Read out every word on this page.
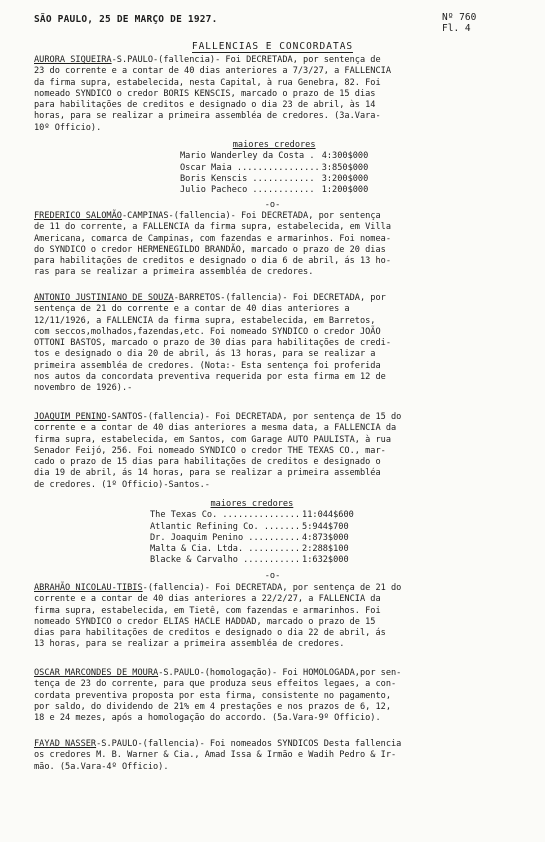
SÃO PAULO, 25 DE MARÇO DE 1927.	Nº 760
Fl. 4
FALLENCIAS E CONCORDATAS

AURORA SIQUEIRA-S.PAULO-(fallencia)- Foi DECRETADA, por sentença de
23 do corrente e a contar de 40 dias anteriores a 7/3/27, a FALLENCIA
da firma supra, estabelecida, nesta Capital, à rua Genebra, 82. Foi
nomeado SYNDICO o credor BORIS KENSCIS, marcado o prazo de 15 dias
para habilitações de creditos e designado o dia 23 de abril, às 14
horas, para se realizar a primeira assembléa de credores. (3a.Vara-
10º Officio).

maiores credores
Mario Wanderley da Costa .	4:300$000
Oscar Maia ................	3:850$000
Boris Kenscis ............	3:200$000
Julio Pacheco ............	1:200$000
-o-

FREDERICO SALOMÃO-CAMPINAS-(fallencia)- Foi DECRETADA, por sentença
de 11 do corrente, a FALLENCIA da firma supra, estabelecida, em Villa
Americana, comarca de Campinas, com fazendas e armarinhos. Foi nomea-
do SYNDICO o credor HERMENEGILDO BRANDÃO, marcado o prazo de 20 dias
para habilitações de creditos e designado o dia 6 de abril, ás 13 ho-
ras para se realizar a primeira assembléa de credores.

ANTONIO JUSTINIANO DE SOUZA-BARRETOS-(fallencia)- Foi DECRETADA, por
sentença de 21 do corrente e a contar de 40 dias anteriores a
12/11/1926, a FALLENCIA da firma supra, estabelecida, em Barretos,
com seccos,molhados,fazendas,etc. Foi nomeado SYNDICO o credor JOÃO
OTTONI BASTOS, marcado o prazo de 30 dias para habilitações de credi-
tos e designado o dia 20 de abril, ás 13 horas, para se realizar a
primeira assembléa de credores. (Nota:- Esta sentença foi proferida
nos autos da concordata preventiva requerida por esta firma em 12 de
novembro de 1926).-

JOAQUIM PENINO-SANTOS-(fallencia)- Foi DECRETADA, por sentença de 15 do
corrente e a contar de 40 dias anteriores a mesma data, a FALLENCIA da
firma supra, estabelecida, em Santos, com Garage AUTO PAULISTA, à rua
Senador Feijó, 256. Foi nomeado SYNDICO o credor THE TEXAS CO., mar-
cado o prazo de 15 dias para habilitações de creditos e designado o
dia 19 de abril, ás 14 horas, para se realizar a primeira assembléa
de credores. (1º Officio)-Santos.-

maiores credores
The Texas Co. ...............	11:044$600
Atlantic Refining Co. .......	5:944$700
Dr. Joaquim Penino ..........	4:873$000
Malta & Cia. Ltda. ..........	2:288$100
Blacke & Carvalho ...........	1:632$000
-o-

ABRAHÃO NICOLAU-TIBIS-(fallencia)- Foi DECRETADA, por sentença de 21 do
corrente e a contar de 40 dias anteriores a 22/2/27, a FALLENCIA da
firma supra, estabelecida, em Tietê, com fazendas e armarinhos. Foi
nomeado SYNDICO o credor ELIAS HACLE HADDAD, marcado o prazo de 15
dias para habilitações de creditos e designado o dia 22 de abril, ás
13 horas, para se realizar a primeira assembléa de credores.

OSCAR MARCONDES DE MOURA-S.PAULO-(homologação)- Foi HOMOLOGADA,por sen-
tença de 23 do corrente, para que produza seus effeitos legaes, a con-
cordata preventiva proposta por esta firma, consistente no pagamento,
por saldo, do dividendo de 21% em 4 prestações e nos prazos de 6, 12,
18 e 24 mezes, após a homologação do accordo. (5a.Vara-9º Officio).

FAYAD NASSER-S.PAULO-(fallencia)- Foi nomeados SYNDICOS Desta fallencia
os credores M. B. Warner & Cia., Amad Issa & Irmão e Wadih Pedro & Ir-
mão. (5a.Vara-4º Officio).
